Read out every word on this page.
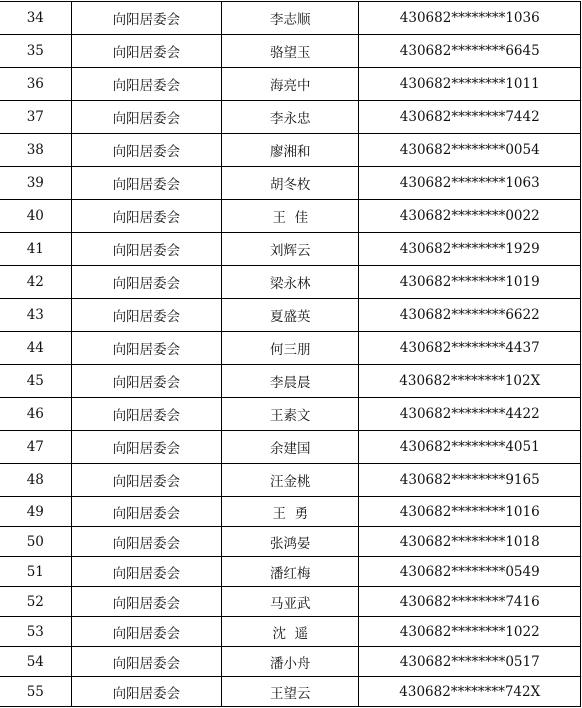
34	向阳居委会	李志顺	430682********1036
35	向阳居委会	骆望玉	430682********6645
36	向阳居委会	海亮中	430682********1011
37	向阳居委会	李永忠	430682********7442
38	向阳居委会	廖湘和	430682********0054
39	向阳居委会	胡冬枚	430682********1063
40	向阳居委会	王  佳	430682********0022
41	向阳居委会	刘辉云	430682********1929
42	向阳居委会	梁永林	430682********1019
43	向阳居委会	夏盛英	430682********6622
44	向阳居委会	何三朋	430682********4437
45	向阳居委会	李晨晨	430682********102X
46	向阳居委会	王素文	430682********4422
47	向阳居委会	余建国	430682********4051
48	向阳居委会	汪金桃	430682********9165
49	向阳居委会	王  勇	430682********1016
50	向阳居委会	张鸿晏	430682********1018
51	向阳居委会	潘红梅	430682********0549
52	向阳居委会	马亚武	430682********7416
53	向阳居委会	沈  遥	430682********1022
54	向阳居委会	潘小舟	430682********0517
55	向阳居委会	王望云	430682********742X
